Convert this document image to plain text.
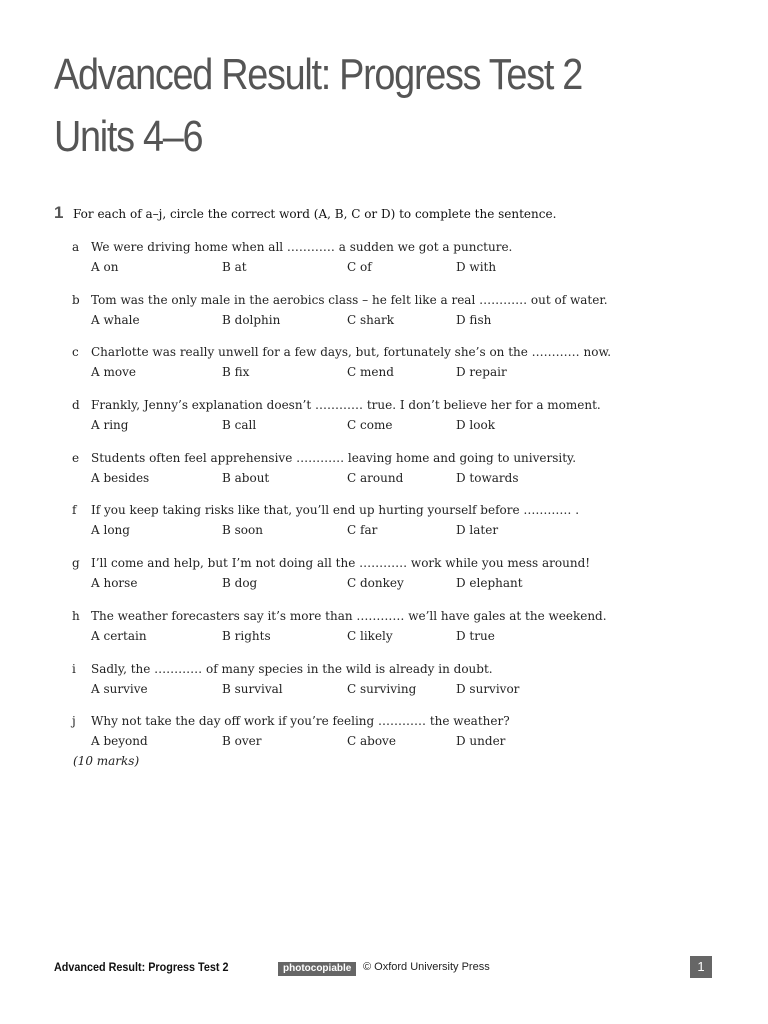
Advanced Result: Progress Test 2
Units 4–6
1 For each of a–j, circle the correct word (A, B, C or D) to complete the sentence.
a We were driving home when all ………… a sudden we got a puncture.
A on	B at	C of	D with
b Tom was the only male in the aerobics class – he felt like a real ………… out of water.
A whale	B dolphin	C shark	D fish
c Charlotte was really unwell for a few days, but, fortunately she’s on the ………… now.
A move	B fix	C mend	D repair
d Frankly, Jenny’s explanation doesn’t ………… true. I don’t believe her for a moment.
A ring	B call	C come	D look
e Students often feel apprehensive ………… leaving home and going to university.
A besides	B about	C around	D towards
f If you keep taking risks like that, you’ll end up hurting yourself before ………… .
A long	B soon	C far	D later
g I’ll come and help, but I’m not doing all the ………… work while you mess around!
A horse	B dog	C donkey	D elephant
h The weather forecasters say it’s more than ………… we’ll have gales at the weekend.
A certain	B rights	C likely	D true
i Sadly, the ………… of many species in the wild is already in doubt.
A survive	B survival	C surviving	D survivor
j Why not take the day off work if you’re feeling ………… the weather?
A beyond	B over	C above	D under
(10 marks)
Advanced Result: Progress Test 2	photocopiable	© Oxford University Press	1
